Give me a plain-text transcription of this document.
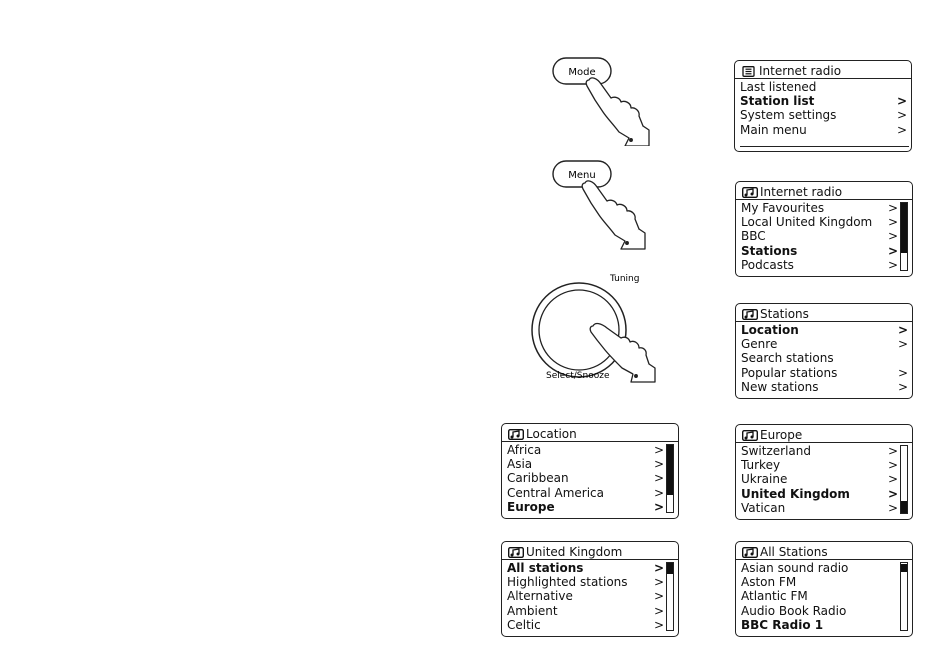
Mode
Menu
Tuning
Select/Snooze
Internet radio
Last listened
Station list	>
System settings	>
Main menu	>
Internet radio
My Favourites	>
Local United Kingdom >
BBC	>
Stations	>
Podcasts	>
Stations
Location	>
Genre	>
Search stations
Popular stations	>
New stations	>
Location
Africa	>
Asia	>
Caribbean	>
Central America	>
Europe	>
Europe
Switzerland	>
Turkey	>
Ukraine	>
United Kingdom	>
Vatican	>
United Kingdom
All stations	>
Highlighted stations >
Alternative	>
Ambient	>
Celtic	>
All Stations
Asian sound radio
Aston FM
Atlantic FM
Audio Book Radio
BBC Radio 1
